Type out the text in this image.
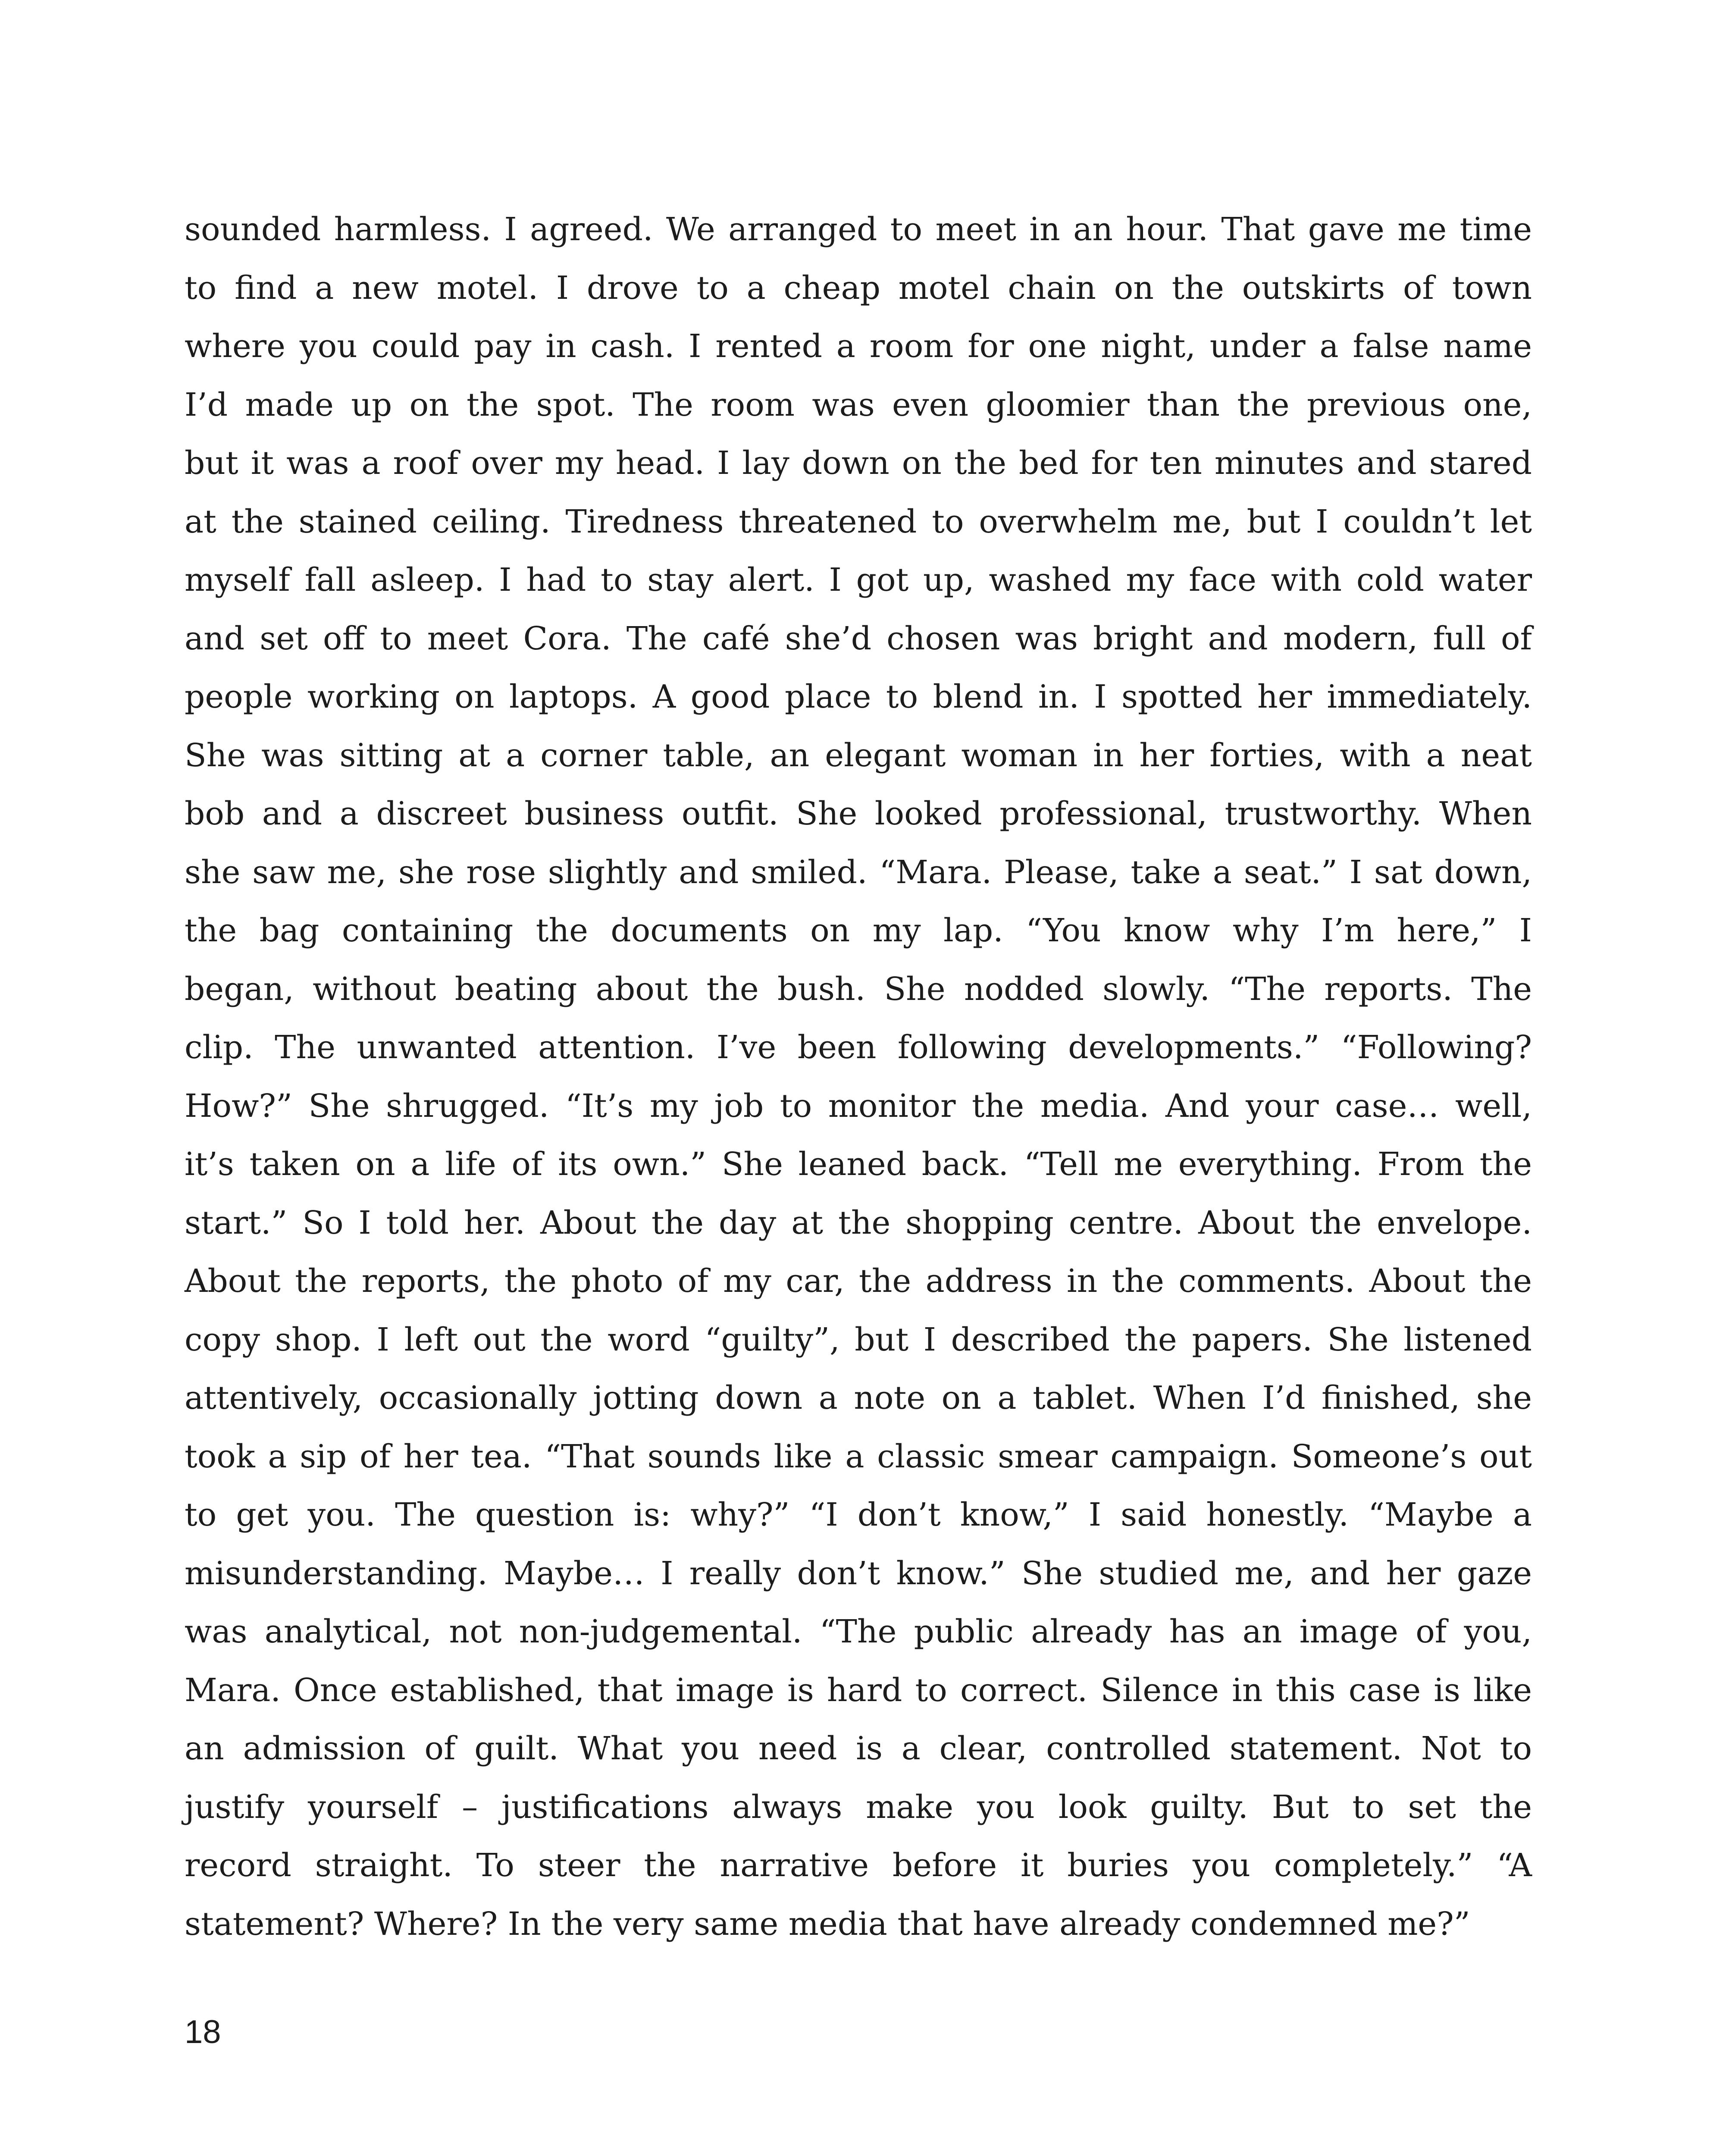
sounded harmless. I agreed. We arranged to meet in an hour. That gave me time
to find a new motel. I drove to a cheap motel chain on the outskirts of town
where you could pay in cash. I rented a room for one night, under a false name
I’d made up on the spot. The room was even gloomier than the previous one,
but it was a roof over my head. I lay down on the bed for ten minutes and stared
at the stained ceiling. Tiredness threatened to overwhelm me, but I couldn’t let
myself fall asleep. I had to stay alert. I got up, washed my face with cold water
and set off to meet Cora. The café she’d chosen was bright and modern, full of
people working on laptops. A good place to blend in. I spotted her immediately.
She was sitting at a corner table, an elegant woman in her forties, with a neat
bob and a discreet business outfit. She looked professional, trustworthy. When
she saw me, she rose slightly and smiled. “Mara. Please, take a seat.” I sat down,
the bag containing the documents on my lap. “You know why I’m here,” I
began, without beating about the bush. She nodded slowly. “The reports. The
clip. The unwanted attention. I’ve been following developments.” “Following?
How?” She shrugged. “It’s my job to monitor the media. And your case… well,
it’s taken on a life of its own.” She leaned back. “Tell me everything. From the
start.” So I told her. About the day at the shopping centre. About the envelope.
About the reports, the photo of my car, the address in the comments. About the
copy shop. I left out the word “guilty”, but I described the papers. She listened
attentively, occasionally jotting down a note on a tablet. When I’d finished, she
took a sip of her tea. “That sounds like a classic smear campaign. Someone’s out
to get you. The question is: why?” “I don’t know,” I said honestly. “Maybe a
misunderstanding. Maybe… I really don’t know.” She studied me, and her gaze
was analytical, not non-judgemental. “The public already has an image of you,
Mara. Once established, that image is hard to correct. Silence in this case is like
an admission of guilt. What you need is a clear, controlled statement. Not to
justify yourself – justifications always make you look guilty. But to set the
record straight. To steer the narrative before it buries you completely.” “A
statement? Where? In the very same media that have already condemned me?”
18
